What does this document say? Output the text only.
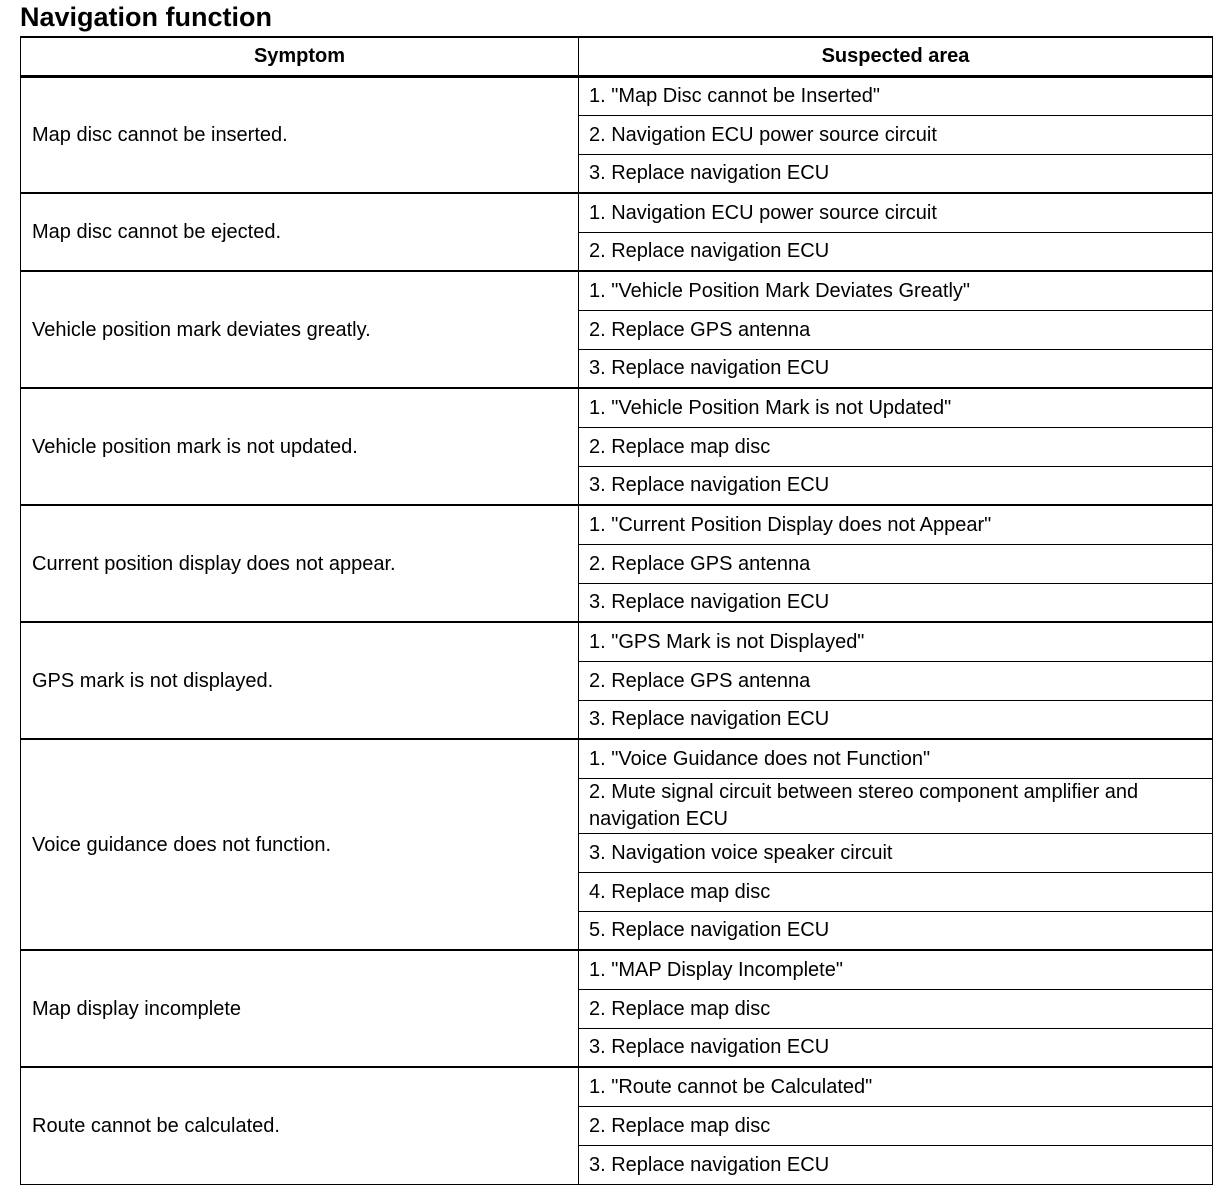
Navigation function
Symptom	Suspected area
Map disc cannot be inserted.	1. "Map Disc cannot be Inserted"
	2. Navigation ECU power source circuit
	3. Replace navigation ECU
Map disc cannot be ejected.	1. Navigation ECU power source circuit
	2. Replace navigation ECU
Vehicle position mark deviates greatly.	1. "Vehicle Position Mark Deviates Greatly"
	2. Replace GPS antenna
	3. Replace navigation ECU
Vehicle position mark is not updated.	1. "Vehicle Position Mark is not Updated"
	2. Replace map disc
	3. Replace navigation ECU
Current position display does not appear.	1. "Current Position Display does not Appear"
	2. Replace GPS antenna
	3. Replace navigation ECU
GPS mark is not displayed.	1. "GPS Mark is not Displayed"
	2. Replace GPS antenna
	3. Replace navigation ECU
Voice guidance does not function.	1. "Voice Guidance does not Function"
	2. Mute signal circuit between stereo component amplifier and navigation ECU
	3. Navigation voice speaker circuit
	4. Replace map disc
	5. Replace navigation ECU
Map display incomplete	1. "MAP Display Incomplete"
	2. Replace map disc
	3. Replace navigation ECU
Route cannot be calculated.	1. "Route cannot be Calculated"
	2. Replace map disc
	3. Replace navigation ECU
